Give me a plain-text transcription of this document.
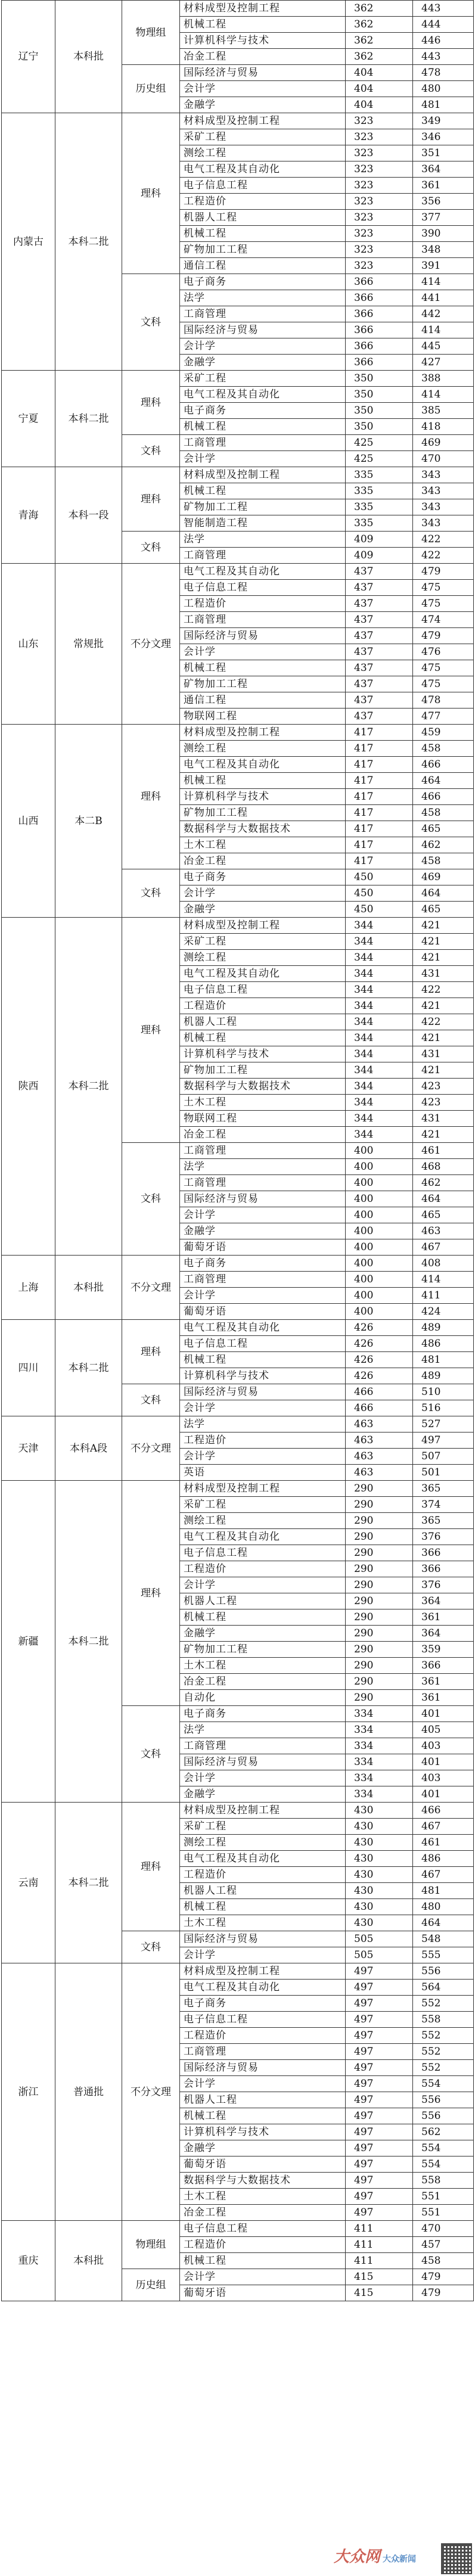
辽宁	本科批	物理组	材料成型及控制工程	362	443
			机械工程	362	444
			计算机科学与技术	362	446
			冶金工程	362	443
		历史组	国际经济与贸易	404	478
			会计学	404	480
			金融学	404	481
内蒙古	本科二批	理科	材料成型及控制工程	323	349
			采矿工程	323	346
			测绘工程	323	351
			电气工程及其自动化	323	364
			电子信息工程	323	361
			工程造价	323	356
			机器人工程	323	377
			机械工程	323	390
			矿物加工工程	323	348
			通信工程	323	391
		文科	电子商务	366	414
			法学	366	441
			工商管理	366	442
			国际经济与贸易	366	414
			会计学	366	445
			金融学	366	427
宁夏	本科二批	理科	采矿工程	350	388
			电气工程及其自动化	350	414
			电子商务	350	385
			机械工程	350	418
		文科	工商管理	425	469
			会计学	425	470
青海	本科一段	理科	材料成型及控制工程	335	343
			机械工程	335	343
			矿物加工工程	335	343
			智能制造工程	335	343
		文科	法学	409	422
			工商管理	409	422
山东	常规批	不分文理	电气工程及其自动化	437	479
			电子信息工程	437	475
			工程造价	437	475
			工商管理	437	474
			国际经济与贸易	437	479
			会计学	437	476
			机械工程	437	475
			矿物加工工程	437	475
			通信工程	437	478
			物联网工程	437	477
山西	本二B	理科	材料成型及控制工程	417	459
			测绘工程	417	458
			电气工程及其自动化	417	466
			机械工程	417	464
			计算机科学与技术	417	466
			矿物加工工程	417	458
			数据科学与大数据技术	417	465
			土木工程	417	462
			冶金工程	417	458
		文科	电子商务	450	469
			会计学	450	464
			金融学	450	465
陕西	本科二批	理科	材料成型及控制工程	344	421
			采矿工程	344	421
			测绘工程	344	421
			电气工程及其自动化	344	431
			电子信息工程	344	422
			工程造价	344	421
			机器人工程	344	422
			机械工程	344	421
			计算机科学与技术	344	431
			矿物加工工程	344	421
			数据科学与大数据技术	344	423
			土木工程	344	423
			物联网工程	344	431
			冶金工程	344	421
		文科	工商管理	400	461
			法学	400	468
			工商管理	400	462
			国际经济与贸易	400	464
			会计学	400	465
			金融学	400	463
			葡萄牙语	400	467
上海	本科批	不分文理	电子商务	400	408
			工商管理	400	414
			会计学	400	411
			葡萄牙语	400	424
四川	本科二批	理科	电气工程及其自动化	426	489
			电子信息工程	426	486
			机械工程	426	481
			计算机科学与技术	426	489
		文科	国际经济与贸易	466	510
			会计学	466	516
天津	本科A段	不分文理	法学	463	527
			工程造价	463	497
			会计学	463	507
			英语	463	501
新疆	本科二批	理科	材料成型及控制工程	290	365
			采矿工程	290	374
			测绘工程	290	365
			电气工程及其自动化	290	376
			电子信息工程	290	366
			工程造价	290	366
			会计学	290	376
			机器人工程	290	364
			机械工程	290	361
			金融学	290	364
			矿物加工工程	290	359
			土木工程	290	366
			冶金工程	290	361
			自动化	290	361
		文科	电子商务	334	401
			法学	334	405
			工商管理	334	403
			国际经济与贸易	334	401
			会计学	334	403
			金融学	334	401
云南	本科二批	理科	材料成型及控制工程	430	466
			采矿工程	430	467
			测绘工程	430	461
			电气工程及其自动化	430	486
			工程造价	430	467
			机器人工程	430	481
			机械工程	430	480
			土木工程	430	464
		文科	国际经济与贸易	505	548
			会计学	505	555
浙江	普通批	不分文理	材料成型及控制工程	497	556
			电气工程及其自动化	497	564
			电子商务	497	552
			电子信息工程	497	558
			工程造价	497	552
			工商管理	497	552
			国际经济与贸易	497	552
			会计学	497	554
			机器人工程	497	556
			机械工程	497	556
			计算机科学与技术	497	562
			金融学	497	554
			葡萄牙语	497	554
			数据科学与大数据技术	497	558
			土木工程	497	551
			冶金工程	497	551
重庆	本科批	物理组	电子信息工程	411	470
			工程造价	411	457
			机械工程	411	458
		历史组	会计学	415	479
			葡萄牙语	415	479
大众网 大众新闻
